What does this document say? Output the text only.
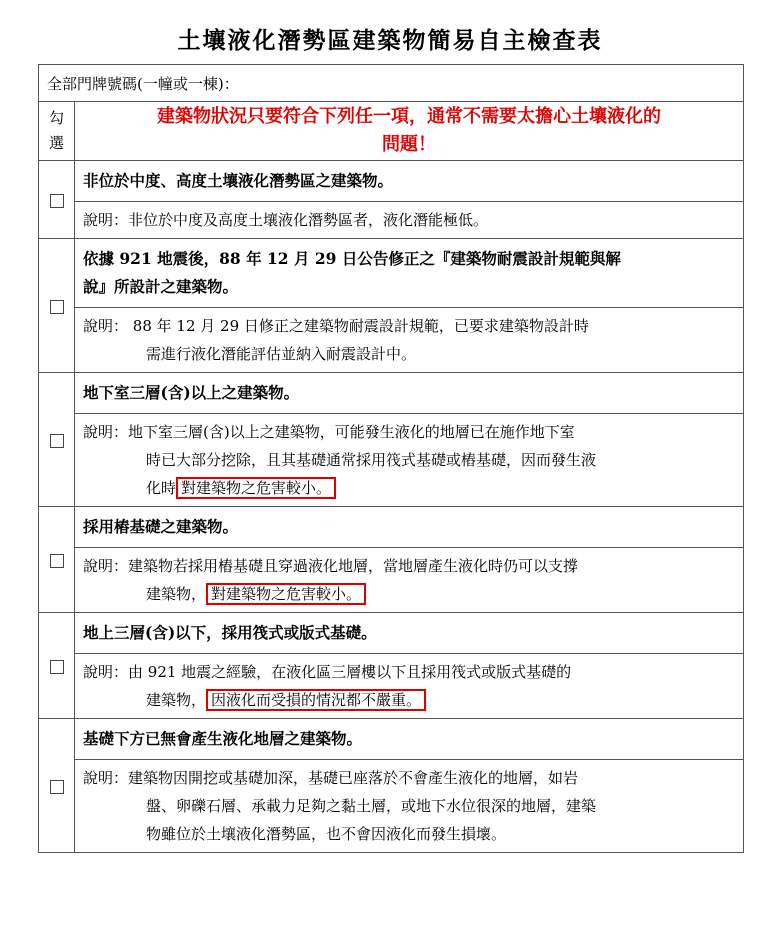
土壤液化潛勢區建築物簡易自主檢查表
全部門牌號碼(一幢或一棟)：	
勾
選	建築物狀況只要符合下列任一項，通常不需要太擔心土壤液化的
問題！
	非位於中度、高度土壤液化潛勢區之建築物。
	說明：非位於中度及高度土壤液化潛勢區者，液化潛能極低。
	依據 921 地震後，88 年 12 月 29 日公告修正之『建築物耐震設計規範與解
說』所設計之建築物。
	說明： 88 年 12 月 29 日修正之建築物耐震設計規範，已要求建築物設計時
需進行液化潛能評估並納入耐震設計中。

	地下室三層(含)以上之建築物。
	說明：地下室三層(含)以上之建築物，可能發生液化的地層已在施作地下室
時已大部分挖除，且其基礎通常採用筏式基礎或樁基礎，因而發生液
化時 對建築物之危害較小。

	採用樁基礎之建築物。
	說明：建築物若採用樁基礎且穿過液化地層，當地層產生液化時仍可以支撐
建築物， 對建築物之危害較小。

	地上三層(含)以下，採用筏式或版式基礎。
	說明：由 921 地震之經驗，在液化區三層樓以下且採用筏式或版式基礎的
建築物， 因液化而受損的情況都不嚴重。

	基礎下方已無會產生液化地層之建築物。
	說明：建築物因開挖或基礎加深，基礎已座落於不會產生液化的地層，如岩
盤、卵礫石層、承載力足夠之黏土層，或地下水位很深的地層，建築
物雖位於土壤液化潛勢區，也不會因液化而發生損壞。
